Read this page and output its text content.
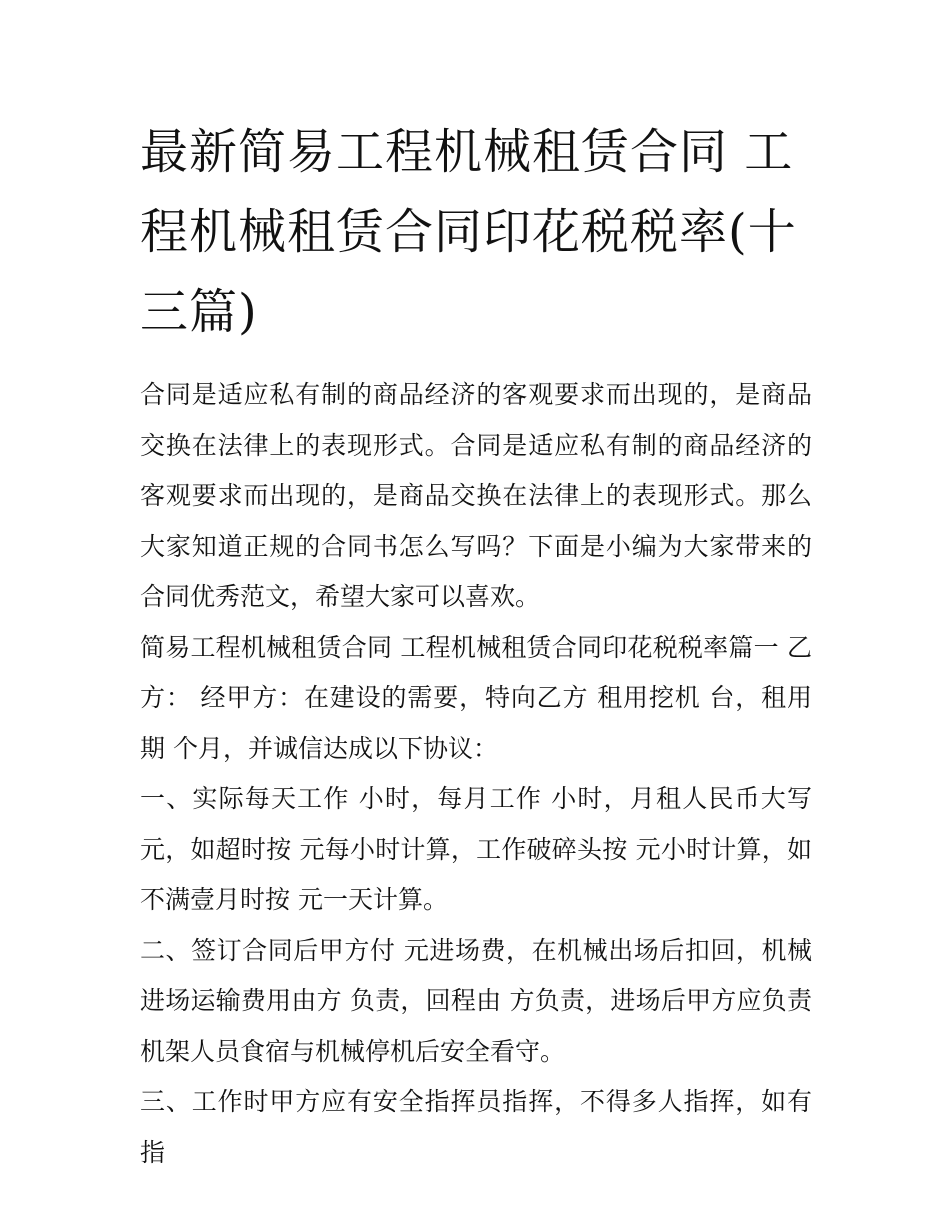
最新简易工程机械租赁合同 工程机械租赁合同印花税税率(十三篇)

合同是适应私有制的商品经济的客观要求而出现的，是商品交换在法律上的表现形式。合同是适应私有制的商品经济的客观要求而出现的，是商品交换在法律上的表现形式。那么大家知道正规的合同书怎么写吗？下面是小编为大家带来的合同优秀范文，希望大家可以喜欢。

简易工程机械租赁合同 工程机械租赁合同印花税税率篇一 乙方： 经甲方：在建设的需要，特向乙方 租用挖机 台，租用期 个月，并诚信达成以下协议：

一、实际每天工作 小时，每月工作 小时，月租人民币大写 元，如超时按 元每小时计算，工作破碎头按 元小时计算，如不满壹月时按 元一天计算。

二、签订合同后甲方付 元进场费，在机械出场后扣回，机械进场运输费用由方 负责，回程由 方负责，进场后甲方应负责机架人员食宿与机械停机后安全看守。

三、工作时甲方应有安全指挥员指挥，不得多人指挥，如有指
